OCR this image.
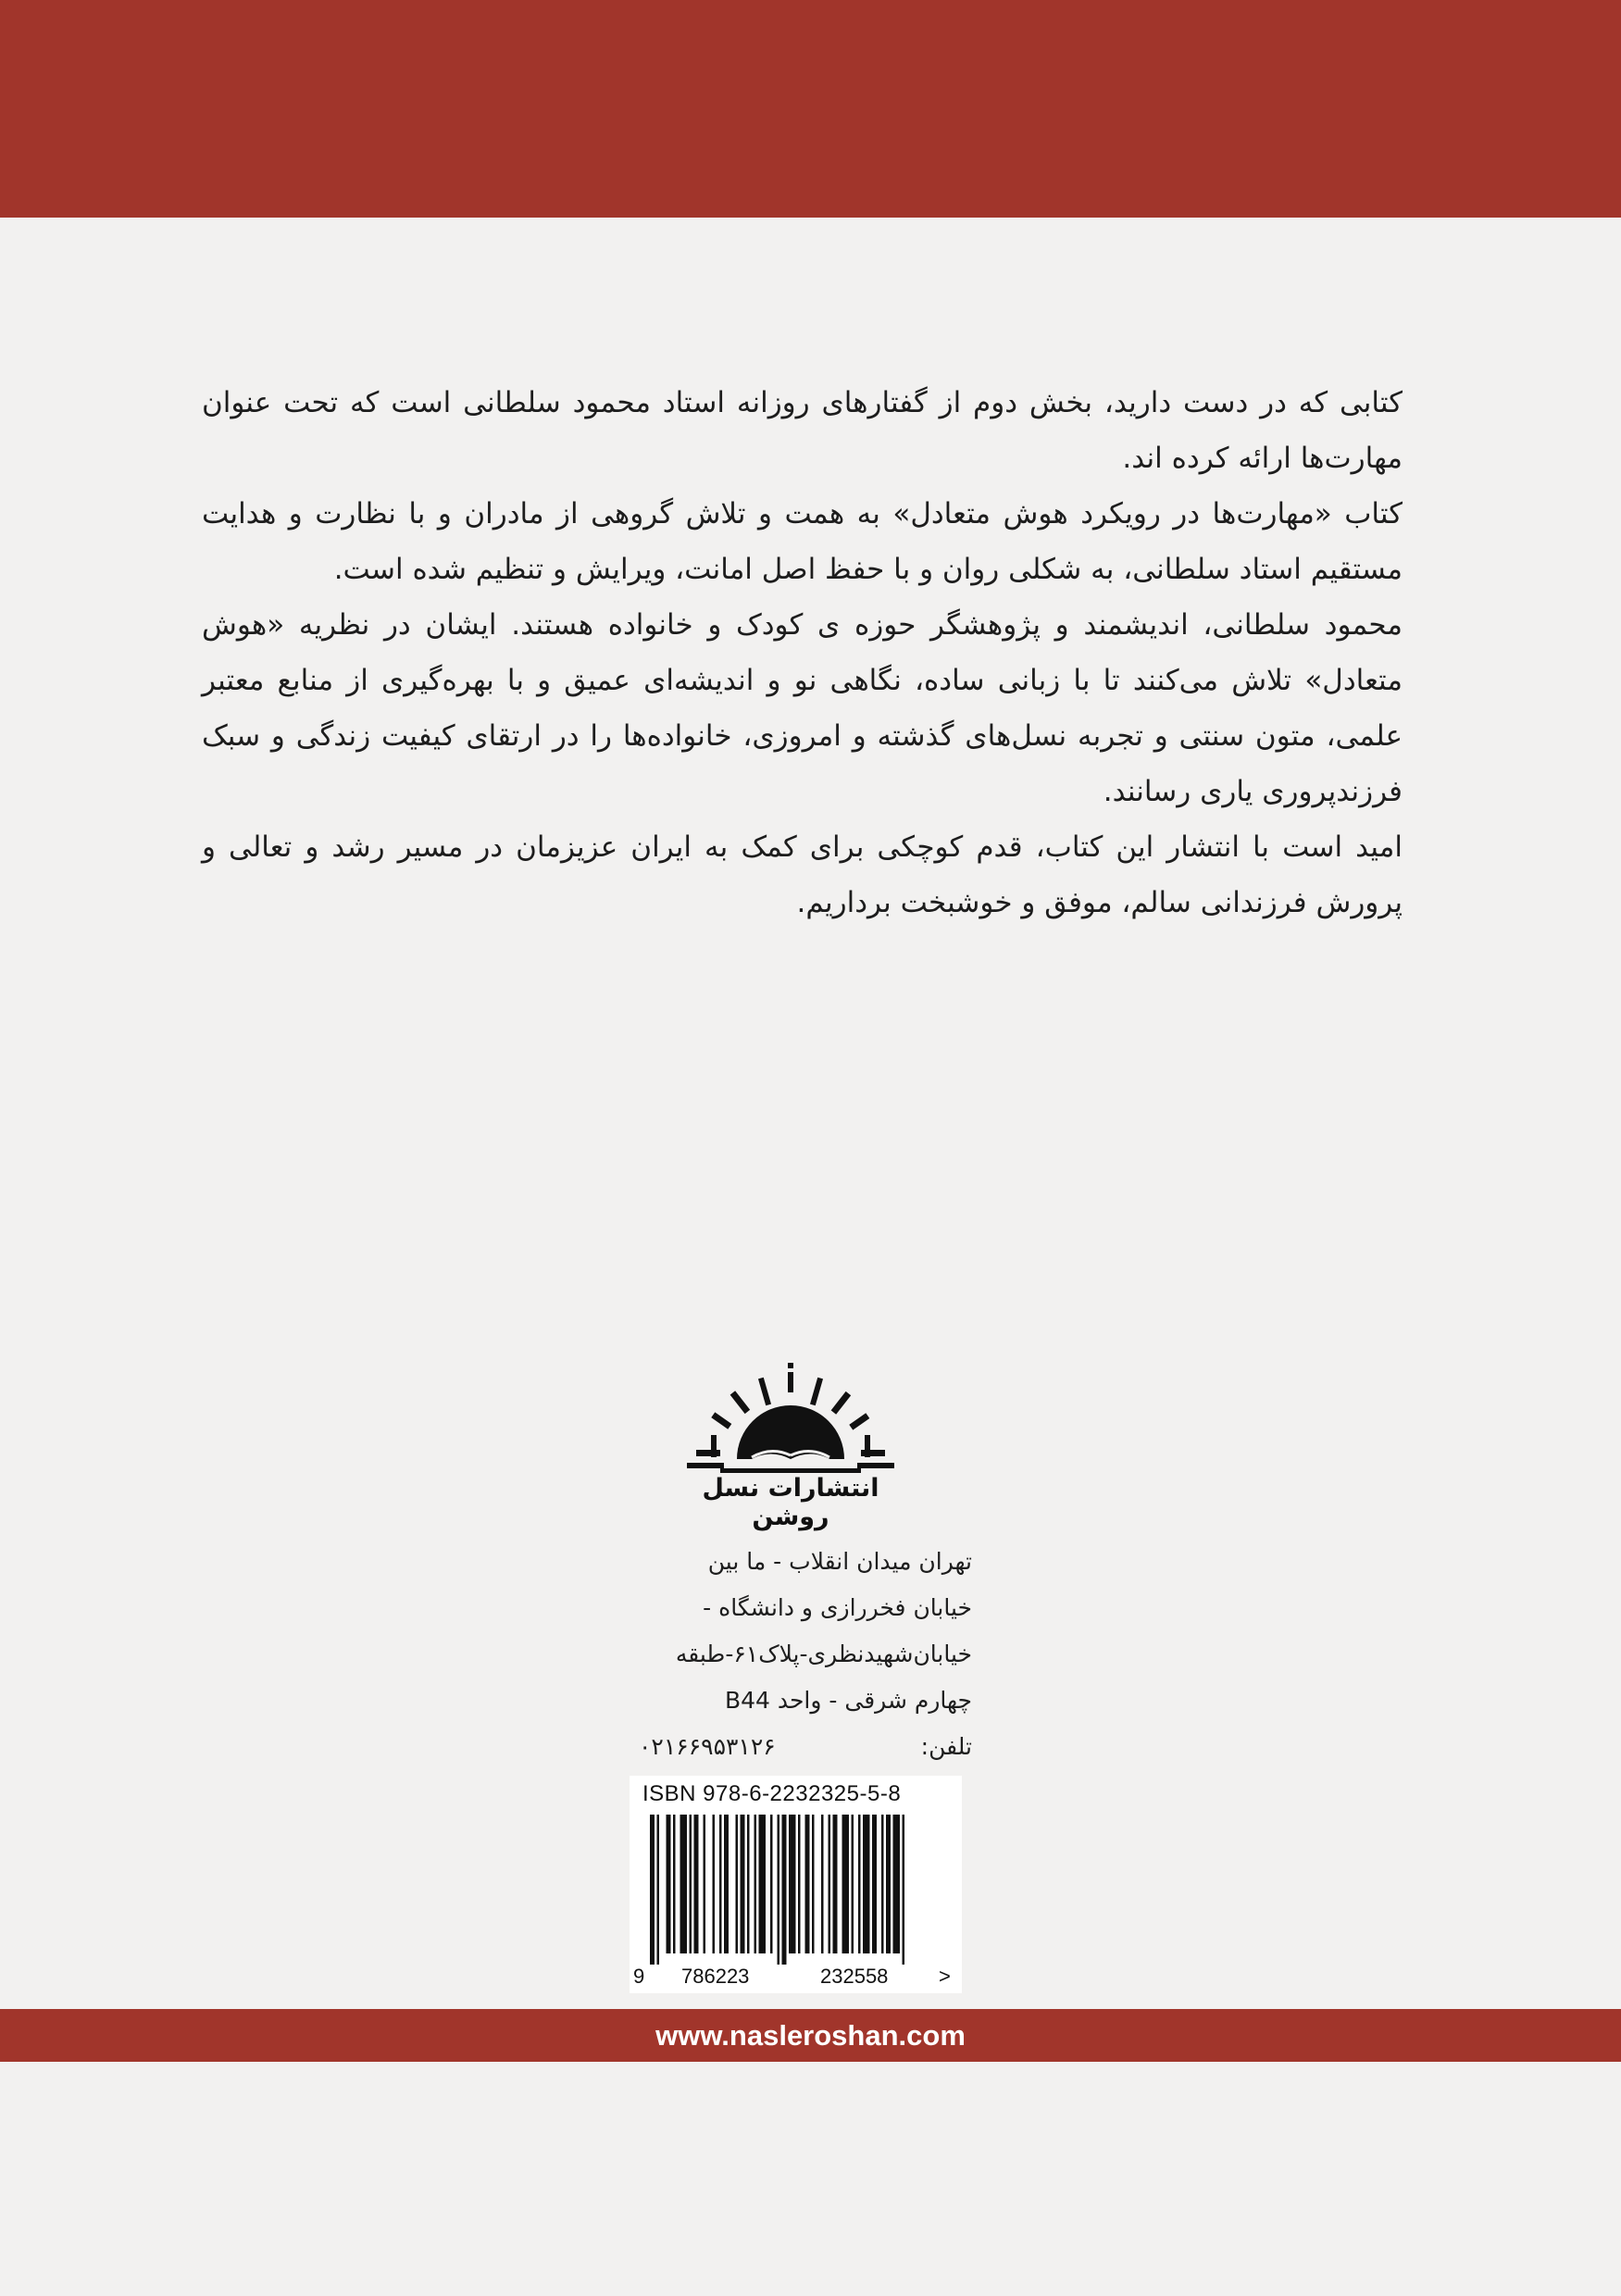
کتابی که در دست دارید، بخش دوم از گفتارهای روزانه استاد محمود سلطانی است که تحت عنوان مهارت‌ها ارائه کرده اند.

کتاب «مهارت‌ها در رویکرد هوش متعادل» به همت و تلاش گروهی از مادران و با نظارت و هدایت مستقیم استاد سلطانی، به شکلی روان و با حفظ اصل امانت، ویرایش و تنظیم شده است.

محمود سلطانی، اندیشمند و پژوهشگر حوزه ی کودک و خانواده هستند. ایشان در نظریه «هوش متعادل» تلاش می‌کنند تا با زبانی ساده، نگاهی نو و اندیشه‌ای عمیق و با بهره‌گیری از منابع معتبر علمی، متون سنتی و تجربه نسل‌های گذشته و امروزی، خانواده‌ها را در ارتقای کیفیت زندگی و سبک فرزندپروری یاری رسانند.

امید است با انتشار این کتاب، قدم کوچکی برای کمک به ایران عزیزمان در مسیر رشد و تعالی و پرورش فرزندانی سالم، موفق و خوشبخت برداریم.

انتشارات نسل روشن
تهران میدان انقلاب - ما بین
خیابان فخررازی و دانشگاه -
خیابان‌شهیدنظری-پلاک۶۱-طبقه
چهارم شرقی - واحد B44
تلفن:
۰۲۱۶۶۹۵۳۱۲۶
ISBN 978-6-2232325-5-8
9 786223	232558 >
www.nasleroshan.com
